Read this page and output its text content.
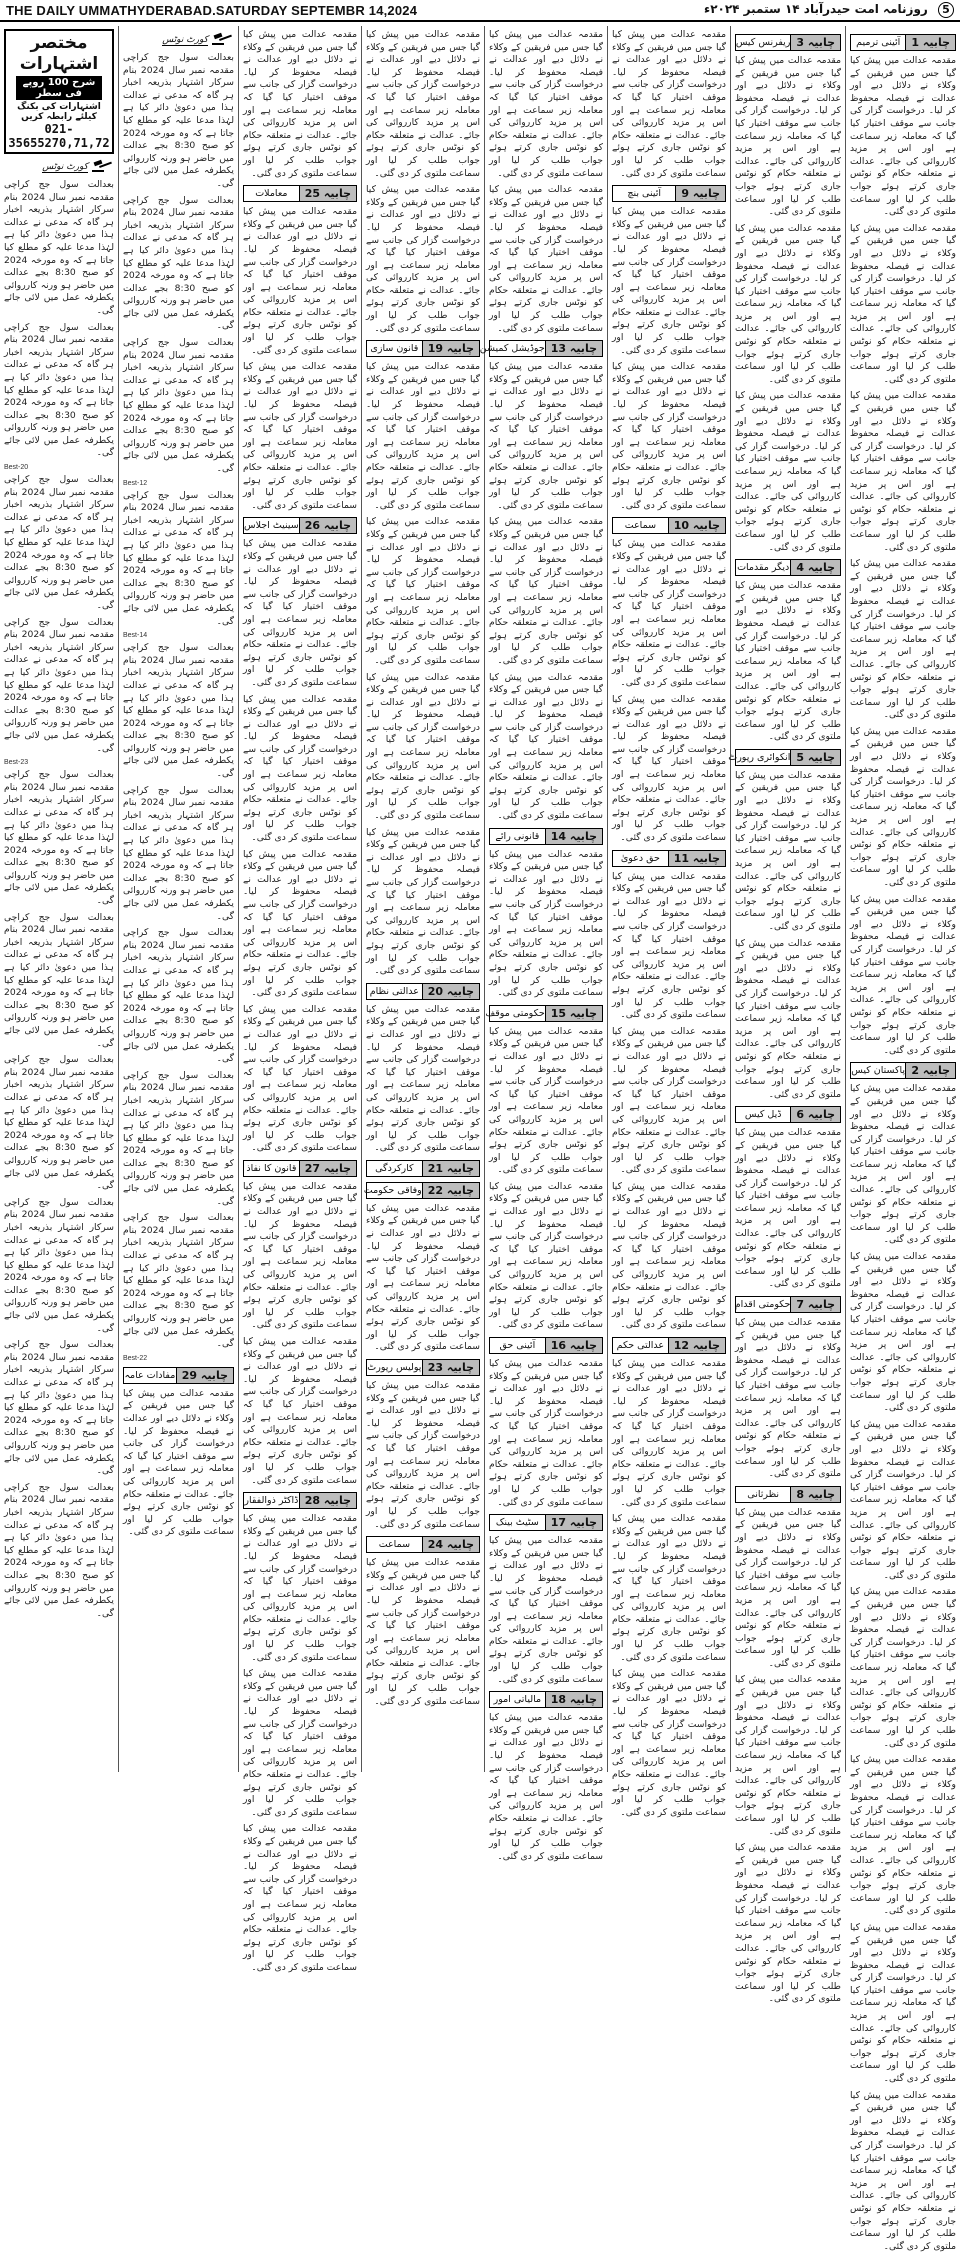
THE DAILY UMMATHYDERABAD.SATURDAY SEPTEMBR 14,2024	5 روزنامہ امت حیدرآباد ۱۴ ستمبر ۲۰۲۴ء
چابیہ 1
آئینی ترمیم
مقدمہ عدالت میں پیش کیا گیا جس میں فریقین کے وکلاء نے دلائل دیے اور عدالت نے فیصلہ محفوظ کر لیا۔ درخواست گزار کی جانب سے موقف اختیار کیا گیا کہ معاملہ زیر سماعت ہے اور اس پر مزید کارروائی کی جائے۔ عدالت نے متعلقہ حکام کو نوٹس جاری کرتے ہوئے جواب طلب کر لیا اور سماعت ملتوی کر دی گئی۔
مقدمہ عدالت میں پیش کیا گیا جس میں فریقین کے وکلاء نے دلائل دیے اور عدالت نے فیصلہ محفوظ کر لیا۔ درخواست گزار کی جانب سے موقف اختیار کیا گیا کہ معاملہ زیر سماعت ہے اور اس پر مزید کارروائی کی جائے۔ عدالت نے متعلقہ حکام کو نوٹس جاری کرتے ہوئے جواب طلب کر لیا اور سماعت ملتوی کر دی گئی۔
مقدمہ عدالت میں پیش کیا گیا جس میں فریقین کے وکلاء نے دلائل دیے اور عدالت نے فیصلہ محفوظ کر لیا۔ درخواست گزار کی جانب سے موقف اختیار کیا گیا کہ معاملہ زیر سماعت ہے اور اس پر مزید کارروائی کی جائے۔ عدالت نے متعلقہ حکام کو نوٹس جاری کرتے ہوئے جواب طلب کر لیا اور سماعت ملتوی کر دی گئی۔
مقدمہ عدالت میں پیش کیا گیا جس میں فریقین کے وکلاء نے دلائل دیے اور عدالت نے فیصلہ محفوظ کر لیا۔ درخواست گزار کی جانب سے موقف اختیار کیا گیا کہ معاملہ زیر سماعت ہے اور اس پر مزید کارروائی کی جائے۔ عدالت نے متعلقہ حکام کو نوٹس جاری کرتے ہوئے جواب طلب کر لیا اور سماعت ملتوی کر دی گئی۔
مقدمہ عدالت میں پیش کیا گیا جس میں فریقین کے وکلاء نے دلائل دیے اور عدالت نے فیصلہ محفوظ کر لیا۔ درخواست گزار کی جانب سے موقف اختیار کیا گیا کہ معاملہ زیر سماعت ہے اور اس پر مزید کارروائی کی جائے۔ عدالت نے متعلقہ حکام کو نوٹس جاری کرتے ہوئے جواب طلب کر لیا اور سماعت ملتوی کر دی گئی۔
مقدمہ عدالت میں پیش کیا گیا جس میں فریقین کے وکلاء نے دلائل دیے اور عدالت نے فیصلہ محفوظ کر لیا۔ درخواست گزار کی جانب سے موقف اختیار کیا گیا کہ معاملہ زیر سماعت ہے اور اس پر مزید کارروائی کی جائے۔ عدالت نے متعلقہ حکام کو نوٹس جاری کرتے ہوئے جواب طلب کر لیا اور سماعت ملتوی کر دی گئی۔
چابیہ 2
پاکستان کیس
مقدمہ عدالت میں پیش کیا گیا جس میں فریقین کے وکلاء نے دلائل دیے اور عدالت نے فیصلہ محفوظ کر لیا۔ درخواست گزار کی جانب سے موقف اختیار کیا گیا کہ معاملہ زیر سماعت ہے اور اس پر مزید کارروائی کی جائے۔ عدالت نے متعلقہ حکام کو نوٹس جاری کرتے ہوئے جواب طلب کر لیا اور سماعت ملتوی کر دی گئی۔
مقدمہ عدالت میں پیش کیا گیا جس میں فریقین کے وکلاء نے دلائل دیے اور عدالت نے فیصلہ محفوظ کر لیا۔ درخواست گزار کی جانب سے موقف اختیار کیا گیا کہ معاملہ زیر سماعت ہے اور اس پر مزید کارروائی کی جائے۔ عدالت نے متعلقہ حکام کو نوٹس جاری کرتے ہوئے جواب طلب کر لیا اور سماعت ملتوی کر دی گئی۔
مقدمہ عدالت میں پیش کیا گیا جس میں فریقین کے وکلاء نے دلائل دیے اور عدالت نے فیصلہ محفوظ کر لیا۔ درخواست گزار کی جانب سے موقف اختیار کیا گیا کہ معاملہ زیر سماعت ہے اور اس پر مزید کارروائی کی جائے۔ عدالت نے متعلقہ حکام کو نوٹس جاری کرتے ہوئے جواب طلب کر لیا اور سماعت ملتوی کر دی گئی۔
مقدمہ عدالت میں پیش کیا گیا جس میں فریقین کے وکلاء نے دلائل دیے اور عدالت نے فیصلہ محفوظ کر لیا۔ درخواست گزار کی جانب سے موقف اختیار کیا گیا کہ معاملہ زیر سماعت ہے اور اس پر مزید کارروائی کی جائے۔ عدالت نے متعلقہ حکام کو نوٹس جاری کرتے ہوئے جواب طلب کر لیا اور سماعت ملتوی کر دی گئی۔
مقدمہ عدالت میں پیش کیا گیا جس میں فریقین کے وکلاء نے دلائل دیے اور عدالت نے فیصلہ محفوظ کر لیا۔ درخواست گزار کی جانب سے موقف اختیار کیا گیا کہ معاملہ زیر سماعت ہے اور اس پر مزید کارروائی کی جائے۔ عدالت نے متعلقہ حکام کو نوٹس جاری کرتے ہوئے جواب طلب کر لیا اور سماعت ملتوی کر دی گئی۔
مقدمہ عدالت میں پیش کیا گیا جس میں فریقین کے وکلاء نے دلائل دیے اور عدالت نے فیصلہ محفوظ کر لیا۔ درخواست گزار کی جانب سے موقف اختیار کیا گیا کہ معاملہ زیر سماعت ہے اور اس پر مزید کارروائی کی جائے۔ عدالت نے متعلقہ حکام کو نوٹس جاری کرتے ہوئے جواب طلب کر لیا اور سماعت ملتوی کر دی گئی۔
مقدمہ عدالت میں پیش کیا گیا جس میں فریقین کے وکلاء نے دلائل دیے اور عدالت نے فیصلہ محفوظ کر لیا۔ درخواست گزار کی جانب سے موقف اختیار کیا گیا کہ معاملہ زیر سماعت ہے اور اس پر مزید کارروائی کی جائے۔ عدالت نے متعلقہ حکام کو نوٹس جاری کرتے ہوئے جواب طلب کر لیا اور سماعت ملتوی کر دی گئی۔
چابیہ 3
ریفرنس کیس
مقدمہ عدالت میں پیش کیا گیا جس میں فریقین کے وکلاء نے دلائل دیے اور عدالت نے فیصلہ محفوظ کر لیا۔ درخواست گزار کی جانب سے موقف اختیار کیا گیا کہ معاملہ زیر سماعت ہے اور اس پر مزید کارروائی کی جائے۔ عدالت نے متعلقہ حکام کو نوٹس جاری کرتے ہوئے جواب طلب کر لیا اور سماعت ملتوی کر دی گئی۔
مقدمہ عدالت میں پیش کیا گیا جس میں فریقین کے وکلاء نے دلائل دیے اور عدالت نے فیصلہ محفوظ کر لیا۔ درخواست گزار کی جانب سے موقف اختیار کیا گیا کہ معاملہ زیر سماعت ہے اور اس پر مزید کارروائی کی جائے۔ عدالت نے متعلقہ حکام کو نوٹس جاری کرتے ہوئے جواب طلب کر لیا اور سماعت ملتوی کر دی گئی۔
مقدمہ عدالت میں پیش کیا گیا جس میں فریقین کے وکلاء نے دلائل دیے اور عدالت نے فیصلہ محفوظ کر لیا۔ درخواست گزار کی جانب سے موقف اختیار کیا گیا کہ معاملہ زیر سماعت ہے اور اس پر مزید کارروائی کی جائے۔ عدالت نے متعلقہ حکام کو نوٹس جاری کرتے ہوئے جواب طلب کر لیا اور سماعت ملتوی کر دی گئی۔
چابیہ 4
دیگر مقدمات
مقدمہ عدالت میں پیش کیا گیا جس میں فریقین کے وکلاء نے دلائل دیے اور عدالت نے فیصلہ محفوظ کر لیا۔ درخواست گزار کی جانب سے موقف اختیار کیا گیا کہ معاملہ زیر سماعت ہے اور اس پر مزید کارروائی کی جائے۔ عدالت نے متعلقہ حکام کو نوٹس جاری کرتے ہوئے جواب طلب کر لیا اور سماعت ملتوی کر دی گئی۔
چابیہ 5
انکوائری رپورٹ
مقدمہ عدالت میں پیش کیا گیا جس میں فریقین کے وکلاء نے دلائل دیے اور عدالت نے فیصلہ محفوظ کر لیا۔ درخواست گزار کی جانب سے موقف اختیار کیا گیا کہ معاملہ زیر سماعت ہے اور اس پر مزید کارروائی کی جائے۔ عدالت نے متعلقہ حکام کو نوٹس جاری کرتے ہوئے جواب طلب کر لیا اور سماعت ملتوی کر دی گئی۔
مقدمہ عدالت میں پیش کیا گیا جس میں فریقین کے وکلاء نے دلائل دیے اور عدالت نے فیصلہ محفوظ کر لیا۔ درخواست گزار کی جانب سے موقف اختیار کیا گیا کہ معاملہ زیر سماعت ہے اور اس پر مزید کارروائی کی جائے۔ عدالت نے متعلقہ حکام کو نوٹس جاری کرتے ہوئے جواب طلب کر لیا اور سماعت ملتوی کر دی گئی۔
چابیہ 6
ڈیل کیس
مقدمہ عدالت میں پیش کیا گیا جس میں فریقین کے وکلاء نے دلائل دیے اور عدالت نے فیصلہ محفوظ کر لیا۔ درخواست گزار کی جانب سے موقف اختیار کیا گیا کہ معاملہ زیر سماعت ہے اور اس پر مزید کارروائی کی جائے۔ عدالت نے متعلقہ حکام کو نوٹس جاری کرتے ہوئے جواب طلب کر لیا اور سماعت ملتوی کر دی گئی۔
چابیہ 7
حکومتی اقدام
مقدمہ عدالت میں پیش کیا گیا جس میں فریقین کے وکلاء نے دلائل دیے اور عدالت نے فیصلہ محفوظ کر لیا۔ درخواست گزار کی جانب سے موقف اختیار کیا گیا کہ معاملہ زیر سماعت ہے اور اس پر مزید کارروائی کی جائے۔ عدالت نے متعلقہ حکام کو نوٹس جاری کرتے ہوئے جواب طلب کر لیا اور سماعت ملتوی کر دی گئی۔
چابیہ 8
نظرثانی
مقدمہ عدالت میں پیش کیا گیا جس میں فریقین کے وکلاء نے دلائل دیے اور عدالت نے فیصلہ محفوظ کر لیا۔ درخواست گزار کی جانب سے موقف اختیار کیا گیا کہ معاملہ زیر سماعت ہے اور اس پر مزید کارروائی کی جائے۔ عدالت نے متعلقہ حکام کو نوٹس جاری کرتے ہوئے جواب طلب کر لیا اور سماعت ملتوی کر دی گئی۔
مقدمہ عدالت میں پیش کیا گیا جس میں فریقین کے وکلاء نے دلائل دیے اور عدالت نے فیصلہ محفوظ کر لیا۔ درخواست گزار کی جانب سے موقف اختیار کیا گیا کہ معاملہ زیر سماعت ہے اور اس پر مزید کارروائی کی جائے۔ عدالت نے متعلقہ حکام کو نوٹس جاری کرتے ہوئے جواب طلب کر لیا اور سماعت ملتوی کر دی گئی۔
مقدمہ عدالت میں پیش کیا گیا جس میں فریقین کے وکلاء نے دلائل دیے اور عدالت نے فیصلہ محفوظ کر لیا۔ درخواست گزار کی جانب سے موقف اختیار کیا گیا کہ معاملہ زیر سماعت ہے اور اس پر مزید کارروائی کی جائے۔ عدالت نے متعلقہ حکام کو نوٹس جاری کرتے ہوئے جواب طلب کر لیا اور سماعت ملتوی کر دی گئی۔
مقدمہ عدالت میں پیش کیا گیا جس میں فریقین کے وکلاء نے دلائل دیے اور عدالت نے فیصلہ محفوظ کر لیا۔ درخواست گزار کی جانب سے موقف اختیار کیا گیا کہ معاملہ زیر سماعت ہے اور اس پر مزید کارروائی کی جائے۔ عدالت نے متعلقہ حکام کو نوٹس جاری کرتے ہوئے جواب طلب کر لیا اور سماعت ملتوی کر دی گئی۔
چابیہ 9
آئینی بنچ
مقدمہ عدالت میں پیش کیا گیا جس میں فریقین کے وکلاء نے دلائل دیے اور عدالت نے فیصلہ محفوظ کر لیا۔ درخواست گزار کی جانب سے موقف اختیار کیا گیا کہ معاملہ زیر سماعت ہے اور اس پر مزید کارروائی کی جائے۔ عدالت نے متعلقہ حکام کو نوٹس جاری کرتے ہوئے جواب طلب کر لیا اور سماعت ملتوی کر دی گئی۔
مقدمہ عدالت میں پیش کیا گیا جس میں فریقین کے وکلاء نے دلائل دیے اور عدالت نے فیصلہ محفوظ کر لیا۔ درخواست گزار کی جانب سے موقف اختیار کیا گیا کہ معاملہ زیر سماعت ہے اور اس پر مزید کارروائی کی جائے۔ عدالت نے متعلقہ حکام کو نوٹس جاری کرتے ہوئے جواب طلب کر لیا اور سماعت ملتوی کر دی گئی۔
چابیہ 10
سماعت
مقدمہ عدالت میں پیش کیا گیا جس میں فریقین کے وکلاء نے دلائل دیے اور عدالت نے فیصلہ محفوظ کر لیا۔ درخواست گزار کی جانب سے موقف اختیار کیا گیا کہ معاملہ زیر سماعت ہے اور اس پر مزید کارروائی کی جائے۔ عدالت نے متعلقہ حکام کو نوٹس جاری کرتے ہوئے جواب طلب کر لیا اور سماعت ملتوی کر دی گئی۔
مقدمہ عدالت میں پیش کیا گیا جس میں فریقین کے وکلاء نے دلائل دیے اور عدالت نے فیصلہ محفوظ کر لیا۔ درخواست گزار کی جانب سے موقف اختیار کیا گیا کہ معاملہ زیر سماعت ہے اور اس پر مزید کارروائی کی جائے۔ عدالت نے متعلقہ حکام کو نوٹس جاری کرتے ہوئے جواب طلب کر لیا اور سماعت ملتوی کر دی گئی۔
چابیہ 11
حق دعویٰ
مقدمہ عدالت میں پیش کیا گیا جس میں فریقین کے وکلاء نے دلائل دیے اور عدالت نے فیصلہ محفوظ کر لیا۔ درخواست گزار کی جانب سے موقف اختیار کیا گیا کہ معاملہ زیر سماعت ہے اور اس پر مزید کارروائی کی جائے۔ عدالت نے متعلقہ حکام کو نوٹس جاری کرتے ہوئے جواب طلب کر لیا اور سماعت ملتوی کر دی گئی۔
مقدمہ عدالت میں پیش کیا گیا جس میں فریقین کے وکلاء نے دلائل دیے اور عدالت نے فیصلہ محفوظ کر لیا۔ درخواست گزار کی جانب سے موقف اختیار کیا گیا کہ معاملہ زیر سماعت ہے اور اس پر مزید کارروائی کی جائے۔ عدالت نے متعلقہ حکام کو نوٹس جاری کرتے ہوئے جواب طلب کر لیا اور سماعت ملتوی کر دی گئی۔
مقدمہ عدالت میں پیش کیا گیا جس میں فریقین کے وکلاء نے دلائل دیے اور عدالت نے فیصلہ محفوظ کر لیا۔ درخواست گزار کی جانب سے موقف اختیار کیا گیا کہ معاملہ زیر سماعت ہے اور اس پر مزید کارروائی کی جائے۔ عدالت نے متعلقہ حکام کو نوٹس جاری کرتے ہوئے جواب طلب کر لیا اور سماعت ملتوی کر دی گئی۔
چابیہ 12
عدالتی حکم
مقدمہ عدالت میں پیش کیا گیا جس میں فریقین کے وکلاء نے دلائل دیے اور عدالت نے فیصلہ محفوظ کر لیا۔ درخواست گزار کی جانب سے موقف اختیار کیا گیا کہ معاملہ زیر سماعت ہے اور اس پر مزید کارروائی کی جائے۔ عدالت نے متعلقہ حکام کو نوٹس جاری کرتے ہوئے جواب طلب کر لیا اور سماعت ملتوی کر دی گئی۔
مقدمہ عدالت میں پیش کیا گیا جس میں فریقین کے وکلاء نے دلائل دیے اور عدالت نے فیصلہ محفوظ کر لیا۔ درخواست گزار کی جانب سے موقف اختیار کیا گیا کہ معاملہ زیر سماعت ہے اور اس پر مزید کارروائی کی جائے۔ عدالت نے متعلقہ حکام کو نوٹس جاری کرتے ہوئے جواب طلب کر لیا اور سماعت ملتوی کر دی گئی۔
مقدمہ عدالت میں پیش کیا گیا جس میں فریقین کے وکلاء نے دلائل دیے اور عدالت نے فیصلہ محفوظ کر لیا۔ درخواست گزار کی جانب سے موقف اختیار کیا گیا کہ معاملہ زیر سماعت ہے اور اس پر مزید کارروائی کی جائے۔ عدالت نے متعلقہ حکام کو نوٹس جاری کرتے ہوئے جواب طلب کر لیا اور سماعت ملتوی کر دی گئی۔
مقدمہ عدالت میں پیش کیا گیا جس میں فریقین کے وکلاء نے دلائل دیے اور عدالت نے فیصلہ محفوظ کر لیا۔ درخواست گزار کی جانب سے موقف اختیار کیا گیا کہ معاملہ زیر سماعت ہے اور اس پر مزید کارروائی کی جائے۔ عدالت نے متعلقہ حکام کو نوٹس جاری کرتے ہوئے جواب طلب کر لیا اور سماعت ملتوی کر دی گئی۔
مقدمہ عدالت میں پیش کیا گیا جس میں فریقین کے وکلاء نے دلائل دیے اور عدالت نے فیصلہ محفوظ کر لیا۔ درخواست گزار کی جانب سے موقف اختیار کیا گیا کہ معاملہ زیر سماعت ہے اور اس پر مزید کارروائی کی جائے۔ عدالت نے متعلقہ حکام کو نوٹس جاری کرتے ہوئے جواب طلب کر لیا اور سماعت ملتوی کر دی گئی۔
چابیہ 13
جوڈیشل کمیشن
مقدمہ عدالت میں پیش کیا گیا جس میں فریقین کے وکلاء نے دلائل دیے اور عدالت نے فیصلہ محفوظ کر لیا۔ درخواست گزار کی جانب سے موقف اختیار کیا گیا کہ معاملہ زیر سماعت ہے اور اس پر مزید کارروائی کی جائے۔ عدالت نے متعلقہ حکام کو نوٹس جاری کرتے ہوئے جواب طلب کر لیا اور سماعت ملتوی کر دی گئی۔
مقدمہ عدالت میں پیش کیا گیا جس میں فریقین کے وکلاء نے دلائل دیے اور عدالت نے فیصلہ محفوظ کر لیا۔ درخواست گزار کی جانب سے موقف اختیار کیا گیا کہ معاملہ زیر سماعت ہے اور اس پر مزید کارروائی کی جائے۔ عدالت نے متعلقہ حکام کو نوٹس جاری کرتے ہوئے جواب طلب کر لیا اور سماعت ملتوی کر دی گئی۔
مقدمہ عدالت میں پیش کیا گیا جس میں فریقین کے وکلاء نے دلائل دیے اور عدالت نے فیصلہ محفوظ کر لیا۔ درخواست گزار کی جانب سے موقف اختیار کیا گیا کہ معاملہ زیر سماعت ہے اور اس پر مزید کارروائی کی جائے۔ عدالت نے متعلقہ حکام کو نوٹس جاری کرتے ہوئے جواب طلب کر لیا اور سماعت ملتوی کر دی گئی۔
چابیہ 14
قانونی رائے
مقدمہ عدالت میں پیش کیا گیا جس میں فریقین کے وکلاء نے دلائل دیے اور عدالت نے فیصلہ محفوظ کر لیا۔ درخواست گزار کی جانب سے موقف اختیار کیا گیا کہ معاملہ زیر سماعت ہے اور اس پر مزید کارروائی کی جائے۔ عدالت نے متعلقہ حکام کو نوٹس جاری کرتے ہوئے جواب طلب کر لیا اور سماعت ملتوی کر دی گئی۔
چابیہ 15
حکومتی موقف
مقدمہ عدالت میں پیش کیا گیا جس میں فریقین کے وکلاء نے دلائل دیے اور عدالت نے فیصلہ محفوظ کر لیا۔ درخواست گزار کی جانب سے موقف اختیار کیا گیا کہ معاملہ زیر سماعت ہے اور اس پر مزید کارروائی کی جائے۔ عدالت نے متعلقہ حکام کو نوٹس جاری کرتے ہوئے جواب طلب کر لیا اور سماعت ملتوی کر دی گئی۔
مقدمہ عدالت میں پیش کیا گیا جس میں فریقین کے وکلاء نے دلائل دیے اور عدالت نے فیصلہ محفوظ کر لیا۔ درخواست گزار کی جانب سے موقف اختیار کیا گیا کہ معاملہ زیر سماعت ہے اور اس پر مزید کارروائی کی جائے۔ عدالت نے متعلقہ حکام کو نوٹس جاری کرتے ہوئے جواب طلب کر لیا اور سماعت ملتوی کر دی گئی۔
چابیہ 16
آئینی حق
مقدمہ عدالت میں پیش کیا گیا جس میں فریقین کے وکلاء نے دلائل دیے اور عدالت نے فیصلہ محفوظ کر لیا۔ درخواست گزار کی جانب سے موقف اختیار کیا گیا کہ معاملہ زیر سماعت ہے اور اس پر مزید کارروائی کی جائے۔ عدالت نے متعلقہ حکام کو نوٹس جاری کرتے ہوئے جواب طلب کر لیا اور سماعت ملتوی کر دی گئی۔
چابیہ 17
سٹیٹ بینک
مقدمہ عدالت میں پیش کیا گیا جس میں فریقین کے وکلاء نے دلائل دیے اور عدالت نے فیصلہ محفوظ کر لیا۔ درخواست گزار کی جانب سے موقف اختیار کیا گیا کہ معاملہ زیر سماعت ہے اور اس پر مزید کارروائی کی جائے۔ عدالت نے متعلقہ حکام کو نوٹس جاری کرتے ہوئے جواب طلب کر لیا اور سماعت ملتوی کر دی گئی۔
چابیہ 18
مالیاتی امور
مقدمہ عدالت میں پیش کیا گیا جس میں فریقین کے وکلاء نے دلائل دیے اور عدالت نے فیصلہ محفوظ کر لیا۔ درخواست گزار کی جانب سے موقف اختیار کیا گیا کہ معاملہ زیر سماعت ہے اور اس پر مزید کارروائی کی جائے۔ عدالت نے متعلقہ حکام کو نوٹس جاری کرتے ہوئے جواب طلب کر لیا اور سماعت ملتوی کر دی گئی۔
مقدمہ عدالت میں پیش کیا گیا جس میں فریقین کے وکلاء نے دلائل دیے اور عدالت نے فیصلہ محفوظ کر لیا۔ درخواست گزار کی جانب سے موقف اختیار کیا گیا کہ معاملہ زیر سماعت ہے اور اس پر مزید کارروائی کی جائے۔ عدالت نے متعلقہ حکام کو نوٹس جاری کرتے ہوئے جواب طلب کر لیا اور سماعت ملتوی کر دی گئی۔
مقدمہ عدالت میں پیش کیا گیا جس میں فریقین کے وکلاء نے دلائل دیے اور عدالت نے فیصلہ محفوظ کر لیا۔ درخواست گزار کی جانب سے موقف اختیار کیا گیا کہ معاملہ زیر سماعت ہے اور اس پر مزید کارروائی کی جائے۔ عدالت نے متعلقہ حکام کو نوٹس جاری کرتے ہوئے جواب طلب کر لیا اور سماعت ملتوی کر دی گئی۔
چابیہ 19
قانون سازی
مقدمہ عدالت میں پیش کیا گیا جس میں فریقین کے وکلاء نے دلائل دیے اور عدالت نے فیصلہ محفوظ کر لیا۔ درخواست گزار کی جانب سے موقف اختیار کیا گیا کہ معاملہ زیر سماعت ہے اور اس پر مزید کارروائی کی جائے۔ عدالت نے متعلقہ حکام کو نوٹس جاری کرتے ہوئے جواب طلب کر لیا اور سماعت ملتوی کر دی گئی۔
مقدمہ عدالت میں پیش کیا گیا جس میں فریقین کے وکلاء نے دلائل دیے اور عدالت نے فیصلہ محفوظ کر لیا۔ درخواست گزار کی جانب سے موقف اختیار کیا گیا کہ معاملہ زیر سماعت ہے اور اس پر مزید کارروائی کی جائے۔ عدالت نے متعلقہ حکام کو نوٹس جاری کرتے ہوئے جواب طلب کر لیا اور سماعت ملتوی کر دی گئی۔
مقدمہ عدالت میں پیش کیا گیا جس میں فریقین کے وکلاء نے دلائل دیے اور عدالت نے فیصلہ محفوظ کر لیا۔ درخواست گزار کی جانب سے موقف اختیار کیا گیا کہ معاملہ زیر سماعت ہے اور اس پر مزید کارروائی کی جائے۔ عدالت نے متعلقہ حکام کو نوٹس جاری کرتے ہوئے جواب طلب کر لیا اور سماعت ملتوی کر دی گئی۔
مقدمہ عدالت میں پیش کیا گیا جس میں فریقین کے وکلاء نے دلائل دیے اور عدالت نے فیصلہ محفوظ کر لیا۔ درخواست گزار کی جانب سے موقف اختیار کیا گیا کہ معاملہ زیر سماعت ہے اور اس پر مزید کارروائی کی جائے۔ عدالت نے متعلقہ حکام کو نوٹس جاری کرتے ہوئے جواب طلب کر لیا اور سماعت ملتوی کر دی گئی۔
چابیہ 20
عدالتی نظام
مقدمہ عدالت میں پیش کیا گیا جس میں فریقین کے وکلاء نے دلائل دیے اور عدالت نے فیصلہ محفوظ کر لیا۔ درخواست گزار کی جانب سے موقف اختیار کیا گیا کہ معاملہ زیر سماعت ہے اور اس پر مزید کارروائی کی جائے۔ عدالت نے متعلقہ حکام کو نوٹس جاری کرتے ہوئے جواب طلب کر لیا اور سماعت ملتوی کر دی گئی۔
چابیہ 21
کارکردگی
چابیہ 22
وفاقی حکومت
مقدمہ عدالت میں پیش کیا گیا جس میں فریقین کے وکلاء نے دلائل دیے اور عدالت نے فیصلہ محفوظ کر لیا۔ درخواست گزار کی جانب سے موقف اختیار کیا گیا کہ معاملہ زیر سماعت ہے اور اس پر مزید کارروائی کی جائے۔ عدالت نے متعلقہ حکام کو نوٹس جاری کرتے ہوئے جواب طلب کر لیا اور سماعت ملتوی کر دی گئی۔
چابیہ 23
پولیس رپورٹ
مقدمہ عدالت میں پیش کیا گیا جس میں فریقین کے وکلاء نے دلائل دیے اور عدالت نے فیصلہ محفوظ کر لیا۔ درخواست گزار کی جانب سے موقف اختیار کیا گیا کہ معاملہ زیر سماعت ہے اور اس پر مزید کارروائی کی جائے۔ عدالت نے متعلقہ حکام کو نوٹس جاری کرتے ہوئے جواب طلب کر لیا اور سماعت ملتوی کر دی گئی۔
چابیہ 24
سماعت
مقدمہ عدالت میں پیش کیا گیا جس میں فریقین کے وکلاء نے دلائل دیے اور عدالت نے فیصلہ محفوظ کر لیا۔ درخواست گزار کی جانب سے موقف اختیار کیا گیا کہ معاملہ زیر سماعت ہے اور اس پر مزید کارروائی کی جائے۔ عدالت نے متعلقہ حکام کو نوٹس جاری کرتے ہوئے جواب طلب کر لیا اور سماعت ملتوی کر دی گئی۔
مقدمہ عدالت میں پیش کیا گیا جس میں فریقین کے وکلاء نے دلائل دیے اور عدالت نے فیصلہ محفوظ کر لیا۔ درخواست گزار کی جانب سے موقف اختیار کیا گیا کہ معاملہ زیر سماعت ہے اور اس پر مزید کارروائی کی جائے۔ عدالت نے متعلقہ حکام کو نوٹس جاری کرتے ہوئے جواب طلب کر لیا اور سماعت ملتوی کر دی گئی۔
چابیہ 25
معاملات
مقدمہ عدالت میں پیش کیا گیا جس میں فریقین کے وکلاء نے دلائل دیے اور عدالت نے فیصلہ محفوظ کر لیا۔ درخواست گزار کی جانب سے موقف اختیار کیا گیا کہ معاملہ زیر سماعت ہے اور اس پر مزید کارروائی کی جائے۔ عدالت نے متعلقہ حکام کو نوٹس جاری کرتے ہوئے جواب طلب کر لیا اور سماعت ملتوی کر دی گئی۔
مقدمہ عدالت میں پیش کیا گیا جس میں فریقین کے وکلاء نے دلائل دیے اور عدالت نے فیصلہ محفوظ کر لیا۔ درخواست گزار کی جانب سے موقف اختیار کیا گیا کہ معاملہ زیر سماعت ہے اور اس پر مزید کارروائی کی جائے۔ عدالت نے متعلقہ حکام کو نوٹس جاری کرتے ہوئے جواب طلب کر لیا اور سماعت ملتوی کر دی گئی۔
چابیہ 26
سینیٹ اجلاس
مقدمہ عدالت میں پیش کیا گیا جس میں فریقین کے وکلاء نے دلائل دیے اور عدالت نے فیصلہ محفوظ کر لیا۔ درخواست گزار کی جانب سے موقف اختیار کیا گیا کہ معاملہ زیر سماعت ہے اور اس پر مزید کارروائی کی جائے۔ عدالت نے متعلقہ حکام کو نوٹس جاری کرتے ہوئے جواب طلب کر لیا اور سماعت ملتوی کر دی گئی۔
مقدمہ عدالت میں پیش کیا گیا جس میں فریقین کے وکلاء نے دلائل دیے اور عدالت نے فیصلہ محفوظ کر لیا۔ درخواست گزار کی جانب سے موقف اختیار کیا گیا کہ معاملہ زیر سماعت ہے اور اس پر مزید کارروائی کی جائے۔ عدالت نے متعلقہ حکام کو نوٹس جاری کرتے ہوئے جواب طلب کر لیا اور سماعت ملتوی کر دی گئی۔
مقدمہ عدالت میں پیش کیا گیا جس میں فریقین کے وکلاء نے دلائل دیے اور عدالت نے فیصلہ محفوظ کر لیا۔ درخواست گزار کی جانب سے موقف اختیار کیا گیا کہ معاملہ زیر سماعت ہے اور اس پر مزید کارروائی کی جائے۔ عدالت نے متعلقہ حکام کو نوٹس جاری کرتے ہوئے جواب طلب کر لیا اور سماعت ملتوی کر دی گئی۔
مقدمہ عدالت میں پیش کیا گیا جس میں فریقین کے وکلاء نے دلائل دیے اور عدالت نے فیصلہ محفوظ کر لیا۔ درخواست گزار کی جانب سے موقف اختیار کیا گیا کہ معاملہ زیر سماعت ہے اور اس پر مزید کارروائی کی جائے۔ عدالت نے متعلقہ حکام کو نوٹس جاری کرتے ہوئے جواب طلب کر لیا اور سماعت ملتوی کر دی گئی۔
چابیہ 27
قانون کا نفاذ
مقدمہ عدالت میں پیش کیا گیا جس میں فریقین کے وکلاء نے دلائل دیے اور عدالت نے فیصلہ محفوظ کر لیا۔ درخواست گزار کی جانب سے موقف اختیار کیا گیا کہ معاملہ زیر سماعت ہے اور اس پر مزید کارروائی کی جائے۔ عدالت نے متعلقہ حکام کو نوٹس جاری کرتے ہوئے جواب طلب کر لیا اور سماعت ملتوی کر دی گئی۔
مقدمہ عدالت میں پیش کیا گیا جس میں فریقین کے وکلاء نے دلائل دیے اور عدالت نے فیصلہ محفوظ کر لیا۔ درخواست گزار کی جانب سے موقف اختیار کیا گیا کہ معاملہ زیر سماعت ہے اور اس پر مزید کارروائی کی جائے۔ عدالت نے متعلقہ حکام کو نوٹس جاری کرتے ہوئے جواب طلب کر لیا اور سماعت ملتوی کر دی گئی۔
چابیہ 28
ڈاکٹر ذوالفقار
مقدمہ عدالت میں پیش کیا گیا جس میں فریقین کے وکلاء نے دلائل دیے اور عدالت نے فیصلہ محفوظ کر لیا۔ درخواست گزار کی جانب سے موقف اختیار کیا گیا کہ معاملہ زیر سماعت ہے اور اس پر مزید کارروائی کی جائے۔ عدالت نے متعلقہ حکام کو نوٹس جاری کرتے ہوئے جواب طلب کر لیا اور سماعت ملتوی کر دی گئی۔
مقدمہ عدالت میں پیش کیا گیا جس میں فریقین کے وکلاء نے دلائل دیے اور عدالت نے فیصلہ محفوظ کر لیا۔ درخواست گزار کی جانب سے موقف اختیار کیا گیا کہ معاملہ زیر سماعت ہے اور اس پر مزید کارروائی کی جائے۔ عدالت نے متعلقہ حکام کو نوٹس جاری کرتے ہوئے جواب طلب کر لیا اور سماعت ملتوی کر دی گئی۔
مقدمہ عدالت میں پیش کیا گیا جس میں فریقین کے وکلاء نے دلائل دیے اور عدالت نے فیصلہ محفوظ کر لیا۔ درخواست گزار کی جانب سے موقف اختیار کیا گیا کہ معاملہ زیر سماعت ہے اور اس پر مزید کارروائی کی جائے۔ عدالت نے متعلقہ حکام کو نوٹس جاری کرتے ہوئے جواب طلب کر لیا اور سماعت ملتوی کر دی گئی۔
کورٹ نوٹس
بعدالت سول جج کراچی مقدمہ نمبر سال 2024 بنام سرکار اشتہار بذریعہ اخبار ہر گاہ کہ مدعی نے عدالت ہذا میں دعویٰ دائر کیا ہے لہٰذا مدعا علیہ کو مطلع کیا جاتا ہے کہ وہ مورخہ 2024 کو صبح 8:30 بجے عدالت میں حاضر ہو ورنہ کارروائی یکطرفہ عمل میں لائی جائے گی۔
بعدالت سول جج کراچی مقدمہ نمبر سال 2024 بنام سرکار اشتہار بذریعہ اخبار ہر گاہ کہ مدعی نے عدالت ہذا میں دعویٰ دائر کیا ہے لہٰذا مدعا علیہ کو مطلع کیا جاتا ہے کہ وہ مورخہ 2024 کو صبح 8:30 بجے عدالت میں حاضر ہو ورنہ کارروائی یکطرفہ عمل میں لائی جائے گی۔
بعدالت سول جج کراچی مقدمہ نمبر سال 2024 بنام سرکار اشتہار بذریعہ اخبار ہر گاہ کہ مدعی نے عدالت ہذا میں دعویٰ دائر کیا ہے لہٰذا مدعا علیہ کو مطلع کیا جاتا ہے کہ وہ مورخہ 2024 کو صبح 8:30 بجے عدالت میں حاضر ہو ورنہ کارروائی یکطرفہ عمل میں لائی جائے گی۔
Best-12
بعدالت سول جج کراچی مقدمہ نمبر سال 2024 بنام سرکار اشتہار بذریعہ اخبار ہر گاہ کہ مدعی نے عدالت ہذا میں دعویٰ دائر کیا ہے لہٰذا مدعا علیہ کو مطلع کیا جاتا ہے کہ وہ مورخہ 2024 کو صبح 8:30 بجے عدالت میں حاضر ہو ورنہ کارروائی یکطرفہ عمل میں لائی جائے گی۔
Best-14
بعدالت سول جج کراچی مقدمہ نمبر سال 2024 بنام سرکار اشتہار بذریعہ اخبار ہر گاہ کہ مدعی نے عدالت ہذا میں دعویٰ دائر کیا ہے لہٰذا مدعا علیہ کو مطلع کیا جاتا ہے کہ وہ مورخہ 2024 کو صبح 8:30 بجے عدالت میں حاضر ہو ورنہ کارروائی یکطرفہ عمل میں لائی جائے گی۔
بعدالت سول جج کراچی مقدمہ نمبر سال 2024 بنام سرکار اشتہار بذریعہ اخبار ہر گاہ کہ مدعی نے عدالت ہذا میں دعویٰ دائر کیا ہے لہٰذا مدعا علیہ کو مطلع کیا جاتا ہے کہ وہ مورخہ 2024 کو صبح 8:30 بجے عدالت میں حاضر ہو ورنہ کارروائی یکطرفہ عمل میں لائی جائے گی۔
بعدالت سول جج کراچی مقدمہ نمبر سال 2024 بنام سرکار اشتہار بذریعہ اخبار ہر گاہ کہ مدعی نے عدالت ہذا میں دعویٰ دائر کیا ہے لہٰذا مدعا علیہ کو مطلع کیا جاتا ہے کہ وہ مورخہ 2024 کو صبح 8:30 بجے عدالت میں حاضر ہو ورنہ کارروائی یکطرفہ عمل میں لائی جائے گی۔
بعدالت سول جج کراچی مقدمہ نمبر سال 2024 بنام سرکار اشتہار بذریعہ اخبار ہر گاہ کہ مدعی نے عدالت ہذا میں دعویٰ دائر کیا ہے لہٰذا مدعا علیہ کو مطلع کیا جاتا ہے کہ وہ مورخہ 2024 کو صبح 8:30 بجے عدالت میں حاضر ہو ورنہ کارروائی یکطرفہ عمل میں لائی جائے گی۔
بعدالت سول جج کراچی مقدمہ نمبر سال 2024 بنام سرکار اشتہار بذریعہ اخبار ہر گاہ کہ مدعی نے عدالت ہذا میں دعویٰ دائر کیا ہے لہٰذا مدعا علیہ کو مطلع کیا جاتا ہے کہ وہ مورخہ 2024 کو صبح 8:30 بجے عدالت میں حاضر ہو ورنہ کارروائی یکطرفہ عمل میں لائی جائے گی۔
Best-22
چابیہ 29
مفادات عامہ
مقدمہ عدالت میں پیش کیا گیا جس میں فریقین کے وکلاء نے دلائل دیے اور عدالت نے فیصلہ محفوظ کر لیا۔ درخواست گزار کی جانب سے موقف اختیار کیا گیا کہ معاملہ زیر سماعت ہے اور اس پر مزید کارروائی کی جائے۔ عدالت نے متعلقہ حکام کو نوٹس جاری کرتے ہوئے جواب طلب کر لیا اور سماعت ملتوی کر دی گئی۔
مختصر اشتہارات
شرح 100 روپے فی سطر
اشتہارات کی بکنگ کیلئے رابطہ کریں
021-35655270,71,72
کورٹ نوٹس
بعدالت سول جج کراچی مقدمہ نمبر سال 2024 بنام سرکار اشتہار بذریعہ اخبار ہر گاہ کہ مدعی نے عدالت ہذا میں دعویٰ دائر کیا ہے لہٰذا مدعا علیہ کو مطلع کیا جاتا ہے کہ وہ مورخہ 2024 کو صبح 8:30 بجے عدالت میں حاضر ہو ورنہ کارروائی یکطرفہ عمل میں لائی جائے گی۔
بعدالت سول جج کراچی مقدمہ نمبر سال 2024 بنام سرکار اشتہار بذریعہ اخبار ہر گاہ کہ مدعی نے عدالت ہذا میں دعویٰ دائر کیا ہے لہٰذا مدعا علیہ کو مطلع کیا جاتا ہے کہ وہ مورخہ 2024 کو صبح 8:30 بجے عدالت میں حاضر ہو ورنہ کارروائی یکطرفہ عمل میں لائی جائے گی۔
Best-20
بعدالت سول جج کراچی مقدمہ نمبر سال 2024 بنام سرکار اشتہار بذریعہ اخبار ہر گاہ کہ مدعی نے عدالت ہذا میں دعویٰ دائر کیا ہے لہٰذا مدعا علیہ کو مطلع کیا جاتا ہے کہ وہ مورخہ 2024 کو صبح 8:30 بجے عدالت میں حاضر ہو ورنہ کارروائی یکطرفہ عمل میں لائی جائے گی۔
بعدالت سول جج کراچی مقدمہ نمبر سال 2024 بنام سرکار اشتہار بذریعہ اخبار ہر گاہ کہ مدعی نے عدالت ہذا میں دعویٰ دائر کیا ہے لہٰذا مدعا علیہ کو مطلع کیا جاتا ہے کہ وہ مورخہ 2024 کو صبح 8:30 بجے عدالت میں حاضر ہو ورنہ کارروائی یکطرفہ عمل میں لائی جائے گی۔
Best-23
بعدالت سول جج کراچی مقدمہ نمبر سال 2024 بنام سرکار اشتہار بذریعہ اخبار ہر گاہ کہ مدعی نے عدالت ہذا میں دعویٰ دائر کیا ہے لہٰذا مدعا علیہ کو مطلع کیا جاتا ہے کہ وہ مورخہ 2024 کو صبح 8:30 بجے عدالت میں حاضر ہو ورنہ کارروائی یکطرفہ عمل میں لائی جائے گی۔
بعدالت سول جج کراچی مقدمہ نمبر سال 2024 بنام سرکار اشتہار بذریعہ اخبار ہر گاہ کہ مدعی نے عدالت ہذا میں دعویٰ دائر کیا ہے لہٰذا مدعا علیہ کو مطلع کیا جاتا ہے کہ وہ مورخہ 2024 کو صبح 8:30 بجے عدالت میں حاضر ہو ورنہ کارروائی یکطرفہ عمل میں لائی جائے گی۔
بعدالت سول جج کراچی مقدمہ نمبر سال 2024 بنام سرکار اشتہار بذریعہ اخبار ہر گاہ کہ مدعی نے عدالت ہذا میں دعویٰ دائر کیا ہے لہٰذا مدعا علیہ کو مطلع کیا جاتا ہے کہ وہ مورخہ 2024 کو صبح 8:30 بجے عدالت میں حاضر ہو ورنہ کارروائی یکطرفہ عمل میں لائی جائے گی۔
بعدالت سول جج کراچی مقدمہ نمبر سال 2024 بنام سرکار اشتہار بذریعہ اخبار ہر گاہ کہ مدعی نے عدالت ہذا میں دعویٰ دائر کیا ہے لہٰذا مدعا علیہ کو مطلع کیا جاتا ہے کہ وہ مورخہ 2024 کو صبح 8:30 بجے عدالت میں حاضر ہو ورنہ کارروائی یکطرفہ عمل میں لائی جائے گی۔
بعدالت سول جج کراچی مقدمہ نمبر سال 2024 بنام سرکار اشتہار بذریعہ اخبار ہر گاہ کہ مدعی نے عدالت ہذا میں دعویٰ دائر کیا ہے لہٰذا مدعا علیہ کو مطلع کیا جاتا ہے کہ وہ مورخہ 2024 کو صبح 8:30 بجے عدالت میں حاضر ہو ورنہ کارروائی یکطرفہ عمل میں لائی جائے گی۔
بعدالت سول جج کراچی مقدمہ نمبر سال 2024 بنام سرکار اشتہار بذریعہ اخبار ہر گاہ کہ مدعی نے عدالت ہذا میں دعویٰ دائر کیا ہے لہٰذا مدعا علیہ کو مطلع کیا جاتا ہے کہ وہ مورخہ 2024 کو صبح 8:30 بجے عدالت میں حاضر ہو ورنہ کارروائی یکطرفہ عمل میں لائی جائے گی۔
